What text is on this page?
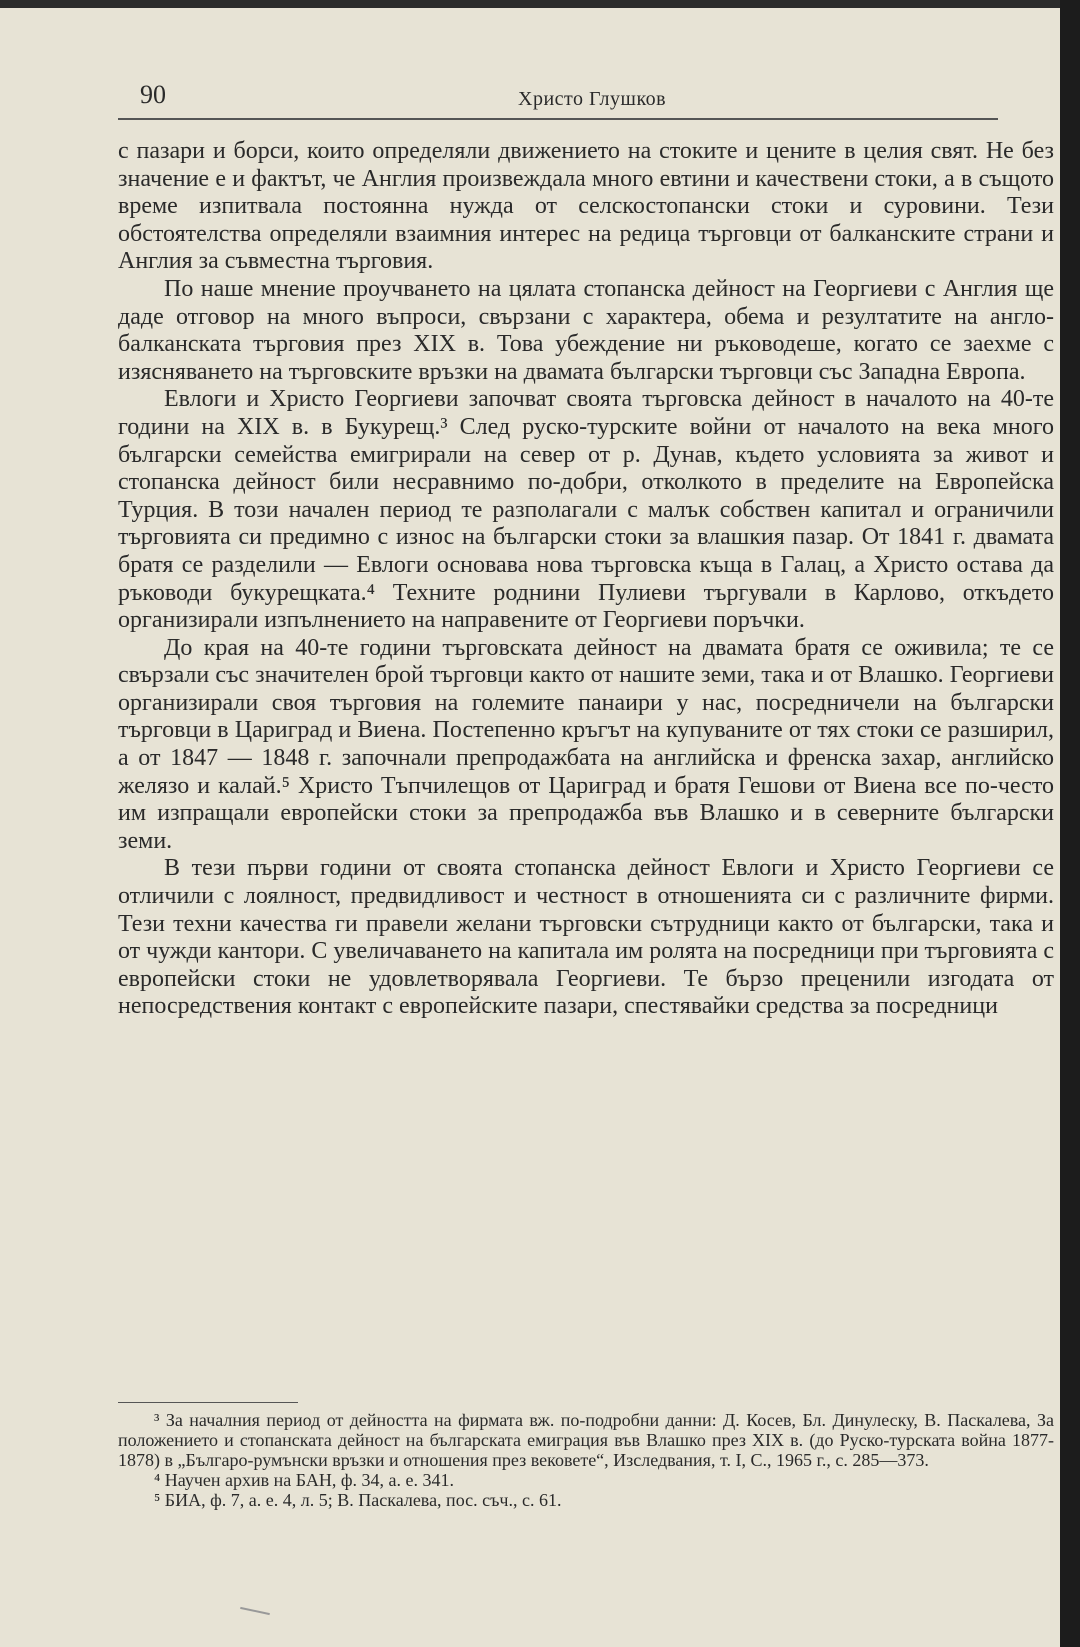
90	Христо Глушков

с пазари и борси, които определяли движението на стоките и цените в целия свят. Не без значение е и фактът, че Англия произвеждала много евтини и качествени стоки, а в същото време изпитвала постоянна нужда от селскостопански стоки и суровини. Тези обстоятелства определяли взаимния интерес на редица търговци от балканските страни и Англия за съвместна търговия.

По наше мнение проучването на цялата стопанска дейност на Георгиеви с Англия ще даде отговор на много въпроси, свързани с характера, обема и резултатите на англо-балканската търговия през XIX в. Това убеждение ни ръководеше, когато се заехме с изясняването на търговските връзки на двамата български търговци със Западна Европа.

Евлоги и Христо Георгиеви започват своята търговска дейност в началото на 40-те години на XIX в. в Букурещ.³ След руско-турските войни от началото на века много български семейства емигрирали на север от р. Дунав, където условията за живот и стопанска дейност били несравнимо по-добри, отколкото в пределите на Европейска Турция. В този начален период те разполагали с малък собствен капитал и ограничили търговията си предимно с износ на български стоки за влашкия пазар. От 1841 г. двамата братя се разделили — Евлоги основава нова търговска къща в Галац, а Христо остава да ръководи букурещката.⁴ Техните роднини Пулиеви търгували в Карлово, откъдето организирали изпълнението на направените от Георгиеви поръчки.

До края на 40-те години търговската дейност на двамата братя се оживила; те се свързали със значителен брой търговци както от нашите земи, така и от Влашко. Георгиеви организирали своя търговия на големите панаири у нас, посредничели на български търговци в Цариград и Виена. Постепенно кръгът на купуваните от тях стоки се разширил, а от 1847 — 1848 г. започнали препродажбата на английска и френска захар, английско желязо и калай.⁵ Христо Тъпчилещов от Цариград и братя Гешови от Виена все по-често им изпращали европейски стоки за препродажба във Влашко и в северните български земи.

В тези първи години от своята стопанска дейност Евлоги и Христо Георгиеви се отличили с лоялност, предвидливост и честност в отношенията си с различните фирми. Тези техни качества ги правели желани търговски сътрудници както от български, така и от чужди кантори. С увеличаването на капитала им ролята на посредници при търговията с европейски стоки не удовлетворявала Георгиеви. Те бързо преценили изгодата от непосредствения контакт с европейските пазари, спестявайки средства за посредници

³ За началния период от дейността на фирмата вж. по-подробни данни: Д. Косев, Бл. Динулеску, В. Паскалева, За положението и стопанската дейност на българската емиграция във Влашко през XIX в. (до Руско-турската война 1877-1878) в „Българо-румънски връзки и отношения през вековете“, Изследвания, т. I, С., 1965 г., с. 285—373.

⁴ Научен архив на БАН, ф. 34, а. е. 341.

⁵ БИА, ф. 7, а. е. 4, л. 5; В. Паскалева, пос. съч., с. 61.
